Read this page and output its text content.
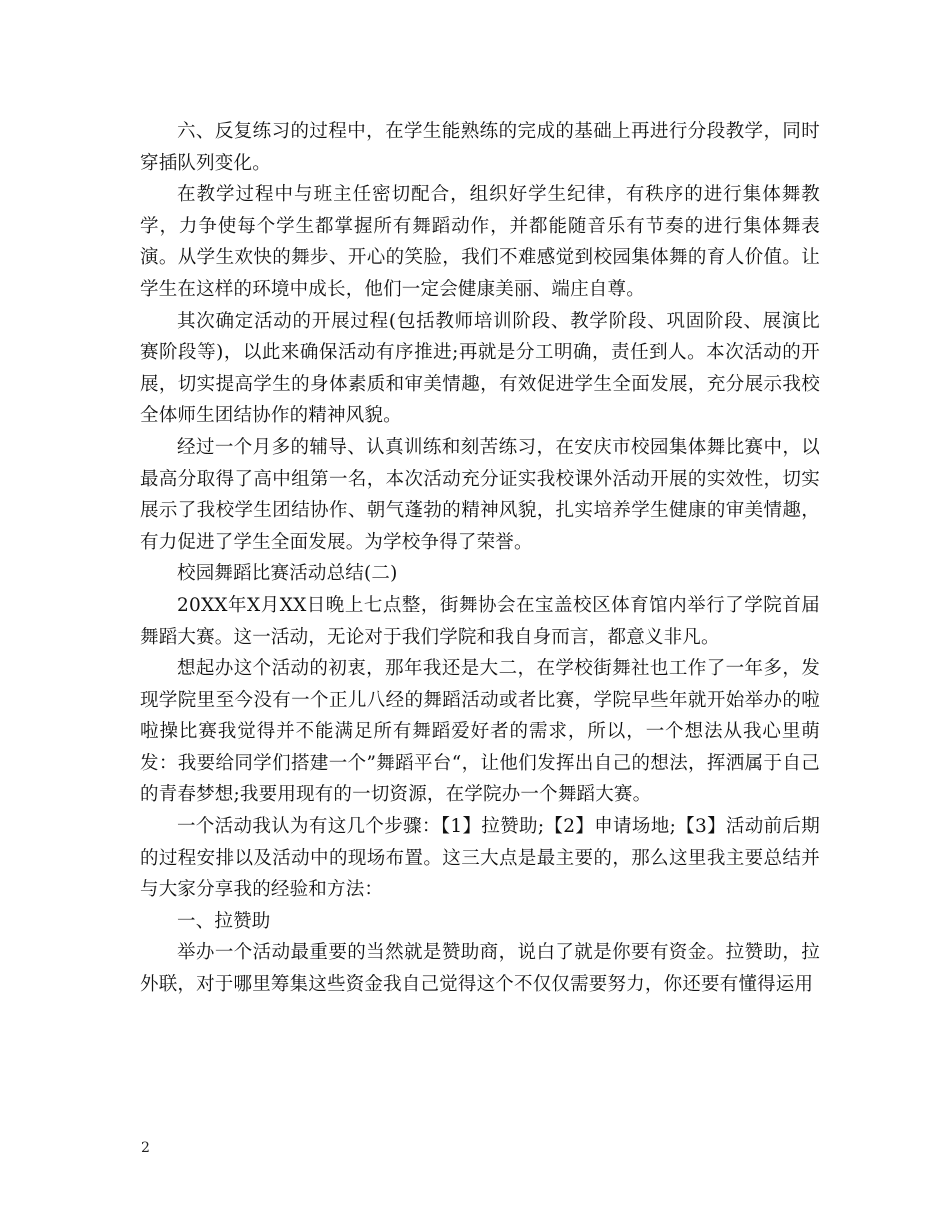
六、反复练习的过程中，在学生能熟练的完成的基础上再进行分段教学，同时穿插队列变化。

在教学过程中与班主任密切配合，组织好学生纪律，有秩序的进行集体舞教学，力争使每个学生都掌握所有舞蹈动作，并都能随音乐有节奏的进行集体舞表演。从学生欢快的舞步、开心的笑脸，我们不难感觉到校园集体舞的育人价值。让学生在这样的环境中成长，他们一定会健康美丽、端庄自尊。

其次确定活动的开展过程(包括教师培训阶段、教学阶段、巩固阶段、展演比赛阶段等)，以此来确保活动有序推进;再就是分工明确，责任到人。本次活动的开展，切实提高学生的身体素质和审美情趣，有效促进学生全面发展，充分展示我校全体师生团结协作的精神风貌。

经过一个月多的辅导、认真训练和刻苦练习，在安庆市校园集体舞比赛中，以最高分取得了高中组第一名，本次活动充分证实我校课外活动开展的实效性，切实展示了我校学生团结协作、朝气蓬勃的精神风貌，扎实培养学生健康的审美情趣，有力促进了学生全面发展。为学校争得了荣誉。

校园舞蹈比赛活动总结(二)

20XX年X月XX日晚上七点整，街舞协会在宝盖校区体育馆内举行了学院首届舞蹈大赛。这一活动，无论对于我们学院和我自身而言，都意义非凡。

想起办这个活动的初衷，那年我还是大二，在学校街舞社也工作了一年多，发现学院里至今没有一个正儿八经的舞蹈活动或者比赛，学院早些年就开始举办的啦啦操比赛我觉得并不能满足所有舞蹈爱好者的需求，所以，一个想法从我心里萌发：我要给同学们搭建一个”舞蹈平台“，让他们发挥出自己的想法，挥洒属于自己的青春梦想;我要用现有的一切资源，在学院办一个舞蹈大赛。

一个活动我认为有这几个步骤：【1】拉赞助;【2】申请场地;【3】活动前后期的过程安排以及活动中的现场布置。这三大点是最主要的，那么这里我主要总结并与大家分享我的经验和方法：

一、拉赞助

举办一个活动最重要的当然就是赞助商，说白了就是你要有资金。拉赞助，拉外联，对于哪里筹集这些资金我自己觉得这个不仅仅需要努力，你还要有懂得运用

2
